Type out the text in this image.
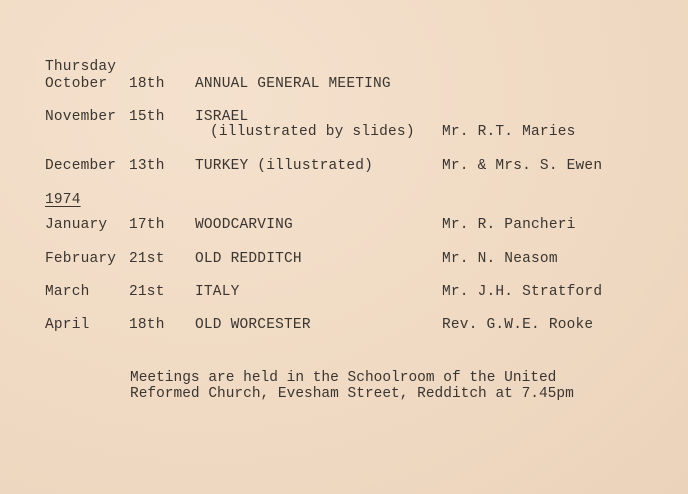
Thursday
October 18th ANNUAL GENERAL MEETING
November 15th ISRAEL
(illustrated by slides) Mr. R.T. Maries
December 13th TURKEY (illustrated)	Mr. & Mrs. S. Ewen
1974
January 17th WOODCARVING	Mr. R. Pancheri
February 21st OLD REDDITCH	Mr. N. Neasom
March	21st ITALY	Mr. J.H. Stratford
April	18th OLD WORCESTER	Rev. G.W.E. Rooke
Meetings are held in the Schoolroom of the United
Reformed Church, Evesham Street, Redditch at 7.45pm
